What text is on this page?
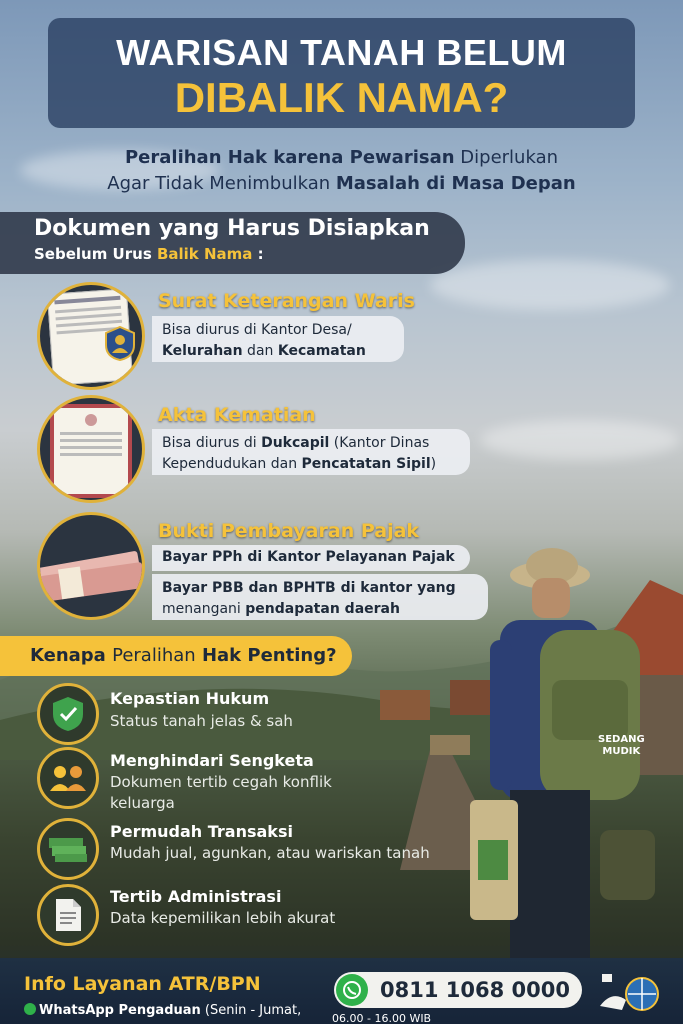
WARISAN TANAH BELUM
DIBALIK NAMA?
Peralihan Hak karena Pewarisan Diperlukan
Agar Tidak Menimbulkan Masalah di Masa Depan
Dokumen yang Harus Disiapkan
Sebelum Urus Balik Nama :
Surat Keterangan Waris
Bisa diurus di Kantor Desa/
Kelurahan dan Kecamatan
Akta Kematian
Bisa diurus di Dukcapil (Kantor Dinas
Kependudukan dan Pencatatan Sipil)
Bukti Pembayaran Pajak
Bayar PPh di Kantor Pelayanan Pajak
Bayar PBB dan BPHTB di kantor yang
menangani pendapatan daerah
Kenapa Peralihan Hak Penting?
Kepastian Hukum
Status tanah jelas & sah
Menghindari Sengketa
Dokumen tertib cegah konflik keluarga
Permudah Transaksi
Mudah jual, agunkan, atau wariskan tanah
Tertib Administrasi
Data kepemilikan lebih akurat
SEDANG
MUDIK
Info Layanan ATR/BPN
WhatsApp Pengaduan (Senin - Jumat,
0811 1068 0000
06.00 - 16.00 WIB
